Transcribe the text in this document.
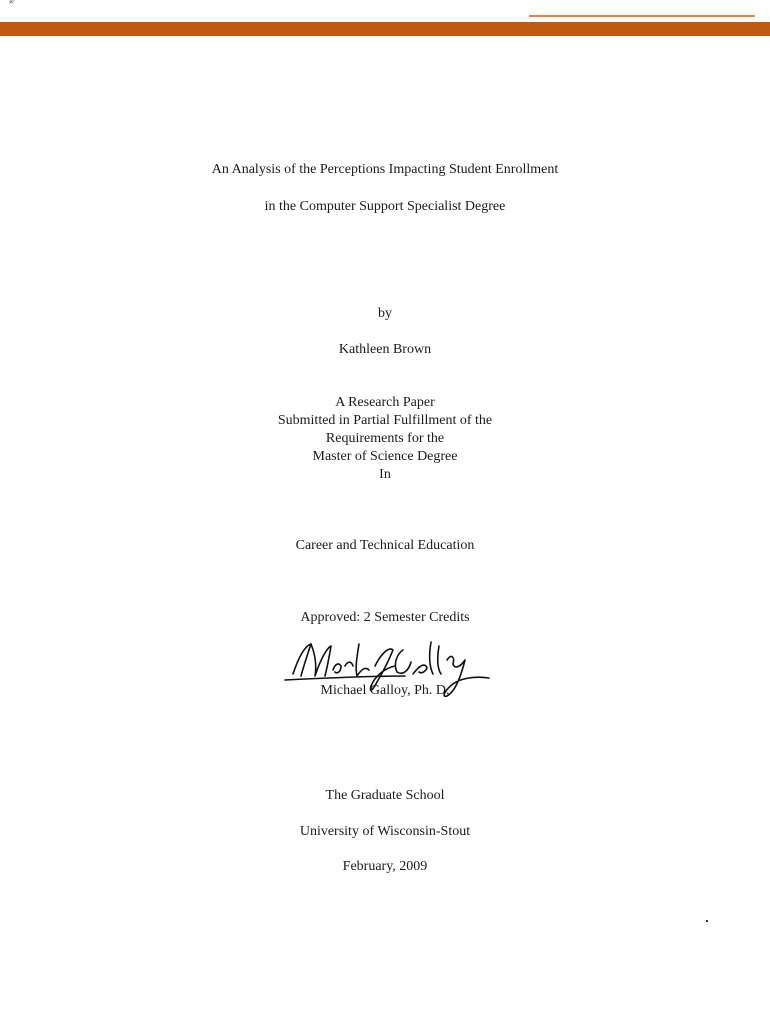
ᵏ
An Analysis of the Perceptions Impacting Student Enrollment
in the Computer Support Specialist Degree
by
Kathleen Brown
A Research Paper
Submitted in Partial Fulfillment of the
Requirements for the
Master of Science Degree
In
Career and Technical Education
Approved: 2 Semester Credits
Michael Galloy, Ph. D.
The Graduate School
University of Wisconsin-Stout
February, 2009
